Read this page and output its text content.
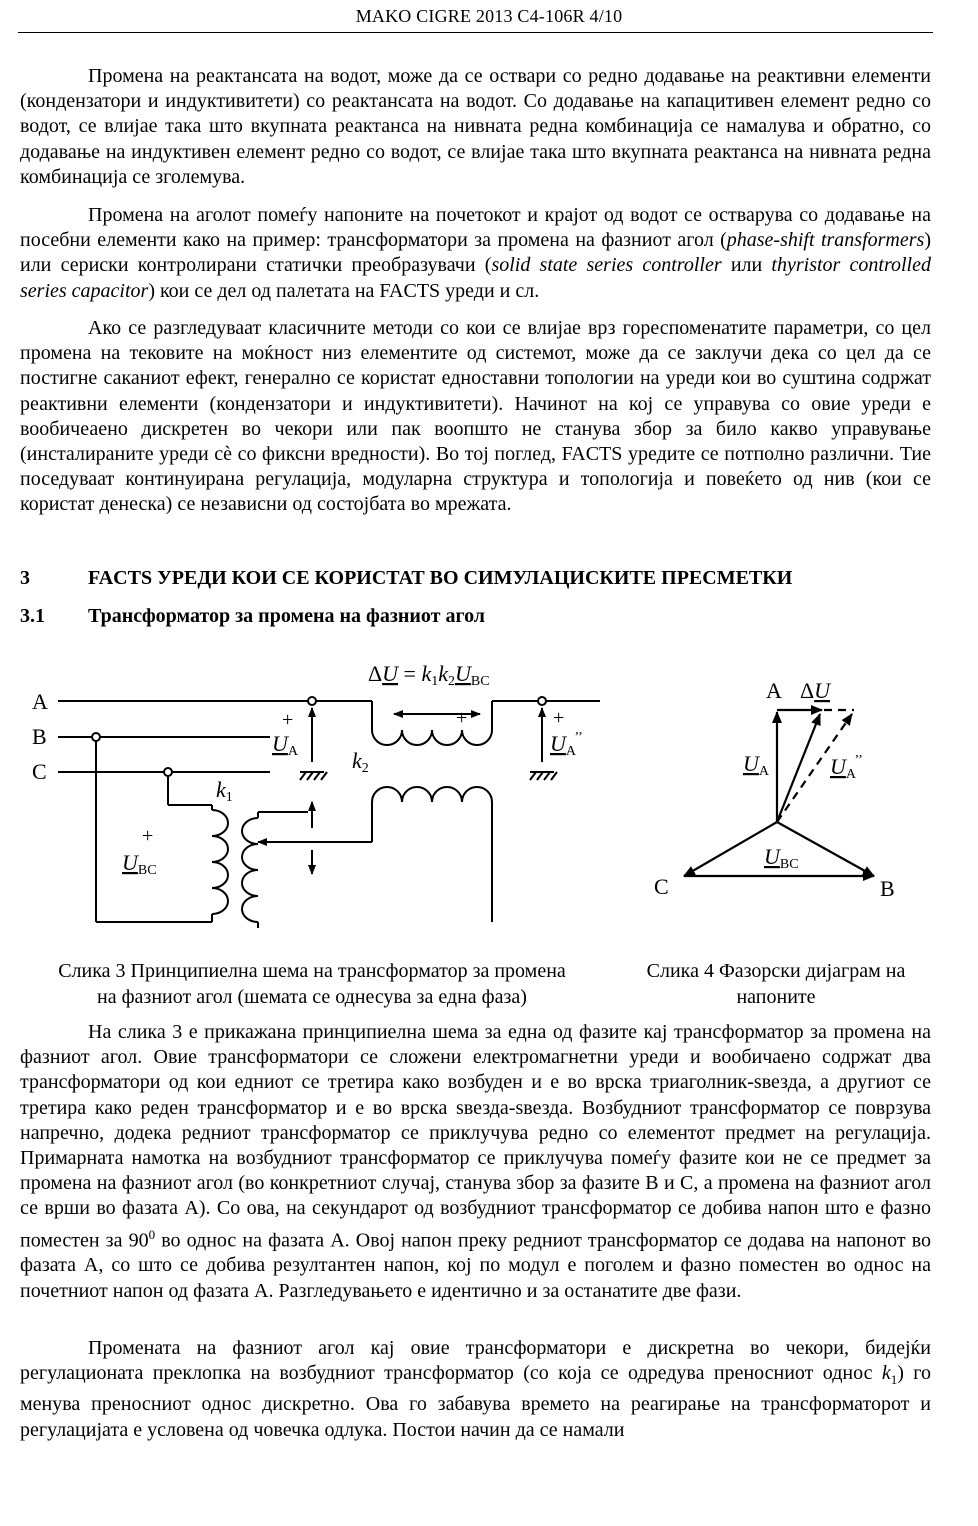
MAKO CIGRE 2013 C4-106R 4/10

Промена на реактансата на водот, може да се оствари со редно додавање на реактивни елементи (кондензатори и индуктивитети) со реактансата на водот. Со додавање на капацитивен елемент редно со водот, се влијае така што вкупната реактанса на нивната редна комбинација се намалува и обратно, со додавање на индуктивен елемент редно со водот, се влијае така што вкупната реактанса на нивната редна комбинација се зголемува.

Промена на аголот помеѓу напоните на почетокот и крајот од водот се остварува со додавање на посебни елементи како на пример: трансформатори за промена на фазниот агол (phase-shift transformers) или сериски контролирани статички преобразувачи (solid state series controller или thyristor controlled series capacitor) кои се дел од палетата на FACTS уреди и сл.

Ако се разгледуваат класичните методи со кои се влијае врз гореспоменатите параметри, со цел промена на тековите на моќност низ елементите од системот, може да се заклучи дека со цел да се постигне саканиот ефект, генерално се користат едноставни топологии на уреди кои во суштина содржат реактивни елементи (кондензатори и индуктивитети). Начинот на кој се управува со овие уреди е вообичеаено дискретен во чекори или пак воопшто не станува збор за било какво управување (инсталираните уреди сѐ со фиксни вредности). Во тој поглед, FACTS уредите се потполно различни. Тие поседуваат континуирана регулација, модуларна структура и топологија и повеќето од нив (кои се користат денеска) се независни од состојбата во мрежата.

3	FACTS УРЕДИ КОИ СЕ КОРИСТАТ ВО СИМУЛАЦИСКИТЕ ПРЕСМЕТКИ

3.1 Трансформатор за промена на фазниот агол

A
B
C
ΔU = k1k2UBC
+
+
UA
+
UA’’
k2
k1
+
UBC
A ΔU
UA	UA’’
UBC
C	B

Слика 3 Принципиелна шема на трансформатор за промена
на фазниот агол (шемата се однесува за една фаза)

Слика 4 Фазорски дијаграм на
напоните

На слика 3 е прикажана принципиелна шема за една од фазите кај трансформатор за промена на фазниот агол. Овие трансформатори се сложени електромагнетни уреди и вообичаено содржат два трансформатори од кои едниот се третира како возбуден и е во врска триаголник-ѕвезда, а другиот се третира како реден трансформатор и е во врска ѕвезда-ѕвезда. Возбудниот трансформатор се поврзува напречно, додека редниот трансформатор се приклучува редно со елементот предмет на регулација. Примарната намотка на возбудниот трансформатор се приклучува помеѓу фазите кои не се предмет за промена на фазниот агол (во конкретниот случај, станува збор за фазите B и C, а промена на фазниот агол се врши во фазата A). Со ова, на секундарот од возбудниот трансформатор се добива напон што е фазно поместен за $90^0$ во однос на фазата A. Овој напон преку редниот трансформатор се додава на напонот во фазата A, со што се добива резултантен напон, кој по модул е поголем и фазно поместен во однос на почетниот напон од фазата A. Разгледувањето е идентично и за останатите две фази.

Промената на фазниот агол кај овие трансформатори е дискретна во чекори, бидејќи регулационата преклопка на возбудниот трансформатор (со која се одредува преносниот однос $k_1$) го менува преносниот однос дискретно. Ова го забавува времето на реагирање на трансформаторот и регулацијата е условена од човечка одлука. Постои начин да се намали
